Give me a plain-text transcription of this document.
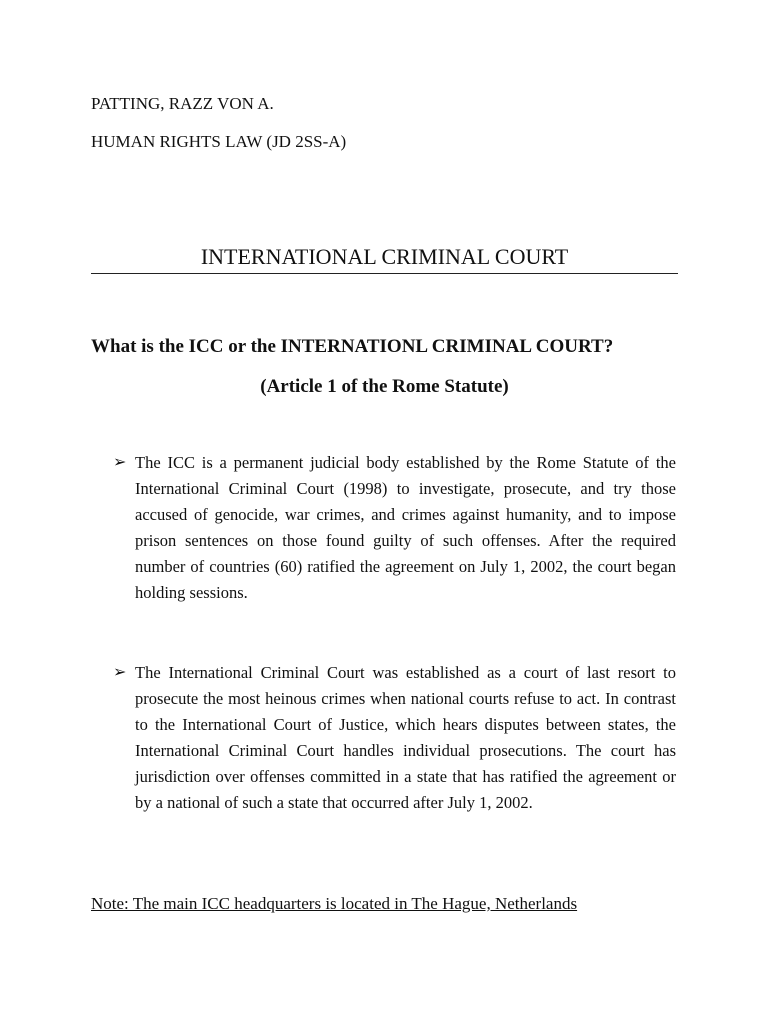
PATTING, RAZZ VON A.
HUMAN RIGHTS LAW (JD 2SS-A)
INTERNATIONAL CRIMINAL COURT
What is the ICC or the INTERNATIONL CRIMINAL COURT?
(Article 1 of the Rome Statute)
➢ The ICC is a permanent judicial body established by the Rome Statute of the International Criminal Court (1998) to investigate, prosecute, and try those accused of genocide, war crimes, and crimes against humanity, and to impose prison sentences on those found guilty of such offenses. After the required number of countries (60) ratified the agreement on July 1, 2002, the court began holding sessions.
➢ The International Criminal Court was established as a court of last resort to prosecute the most heinous crimes when national courts refuse to act. In contrast to the International Court of Justice, which hears disputes between states, the International Criminal Court handles individual prosecutions. The court has jurisdiction over offenses committed in a state that has ratified the agreement or by a national of such a state that occurred after July 1, 2002.
Note: The main ICC headquarters is located in The Hague, Netherlands
